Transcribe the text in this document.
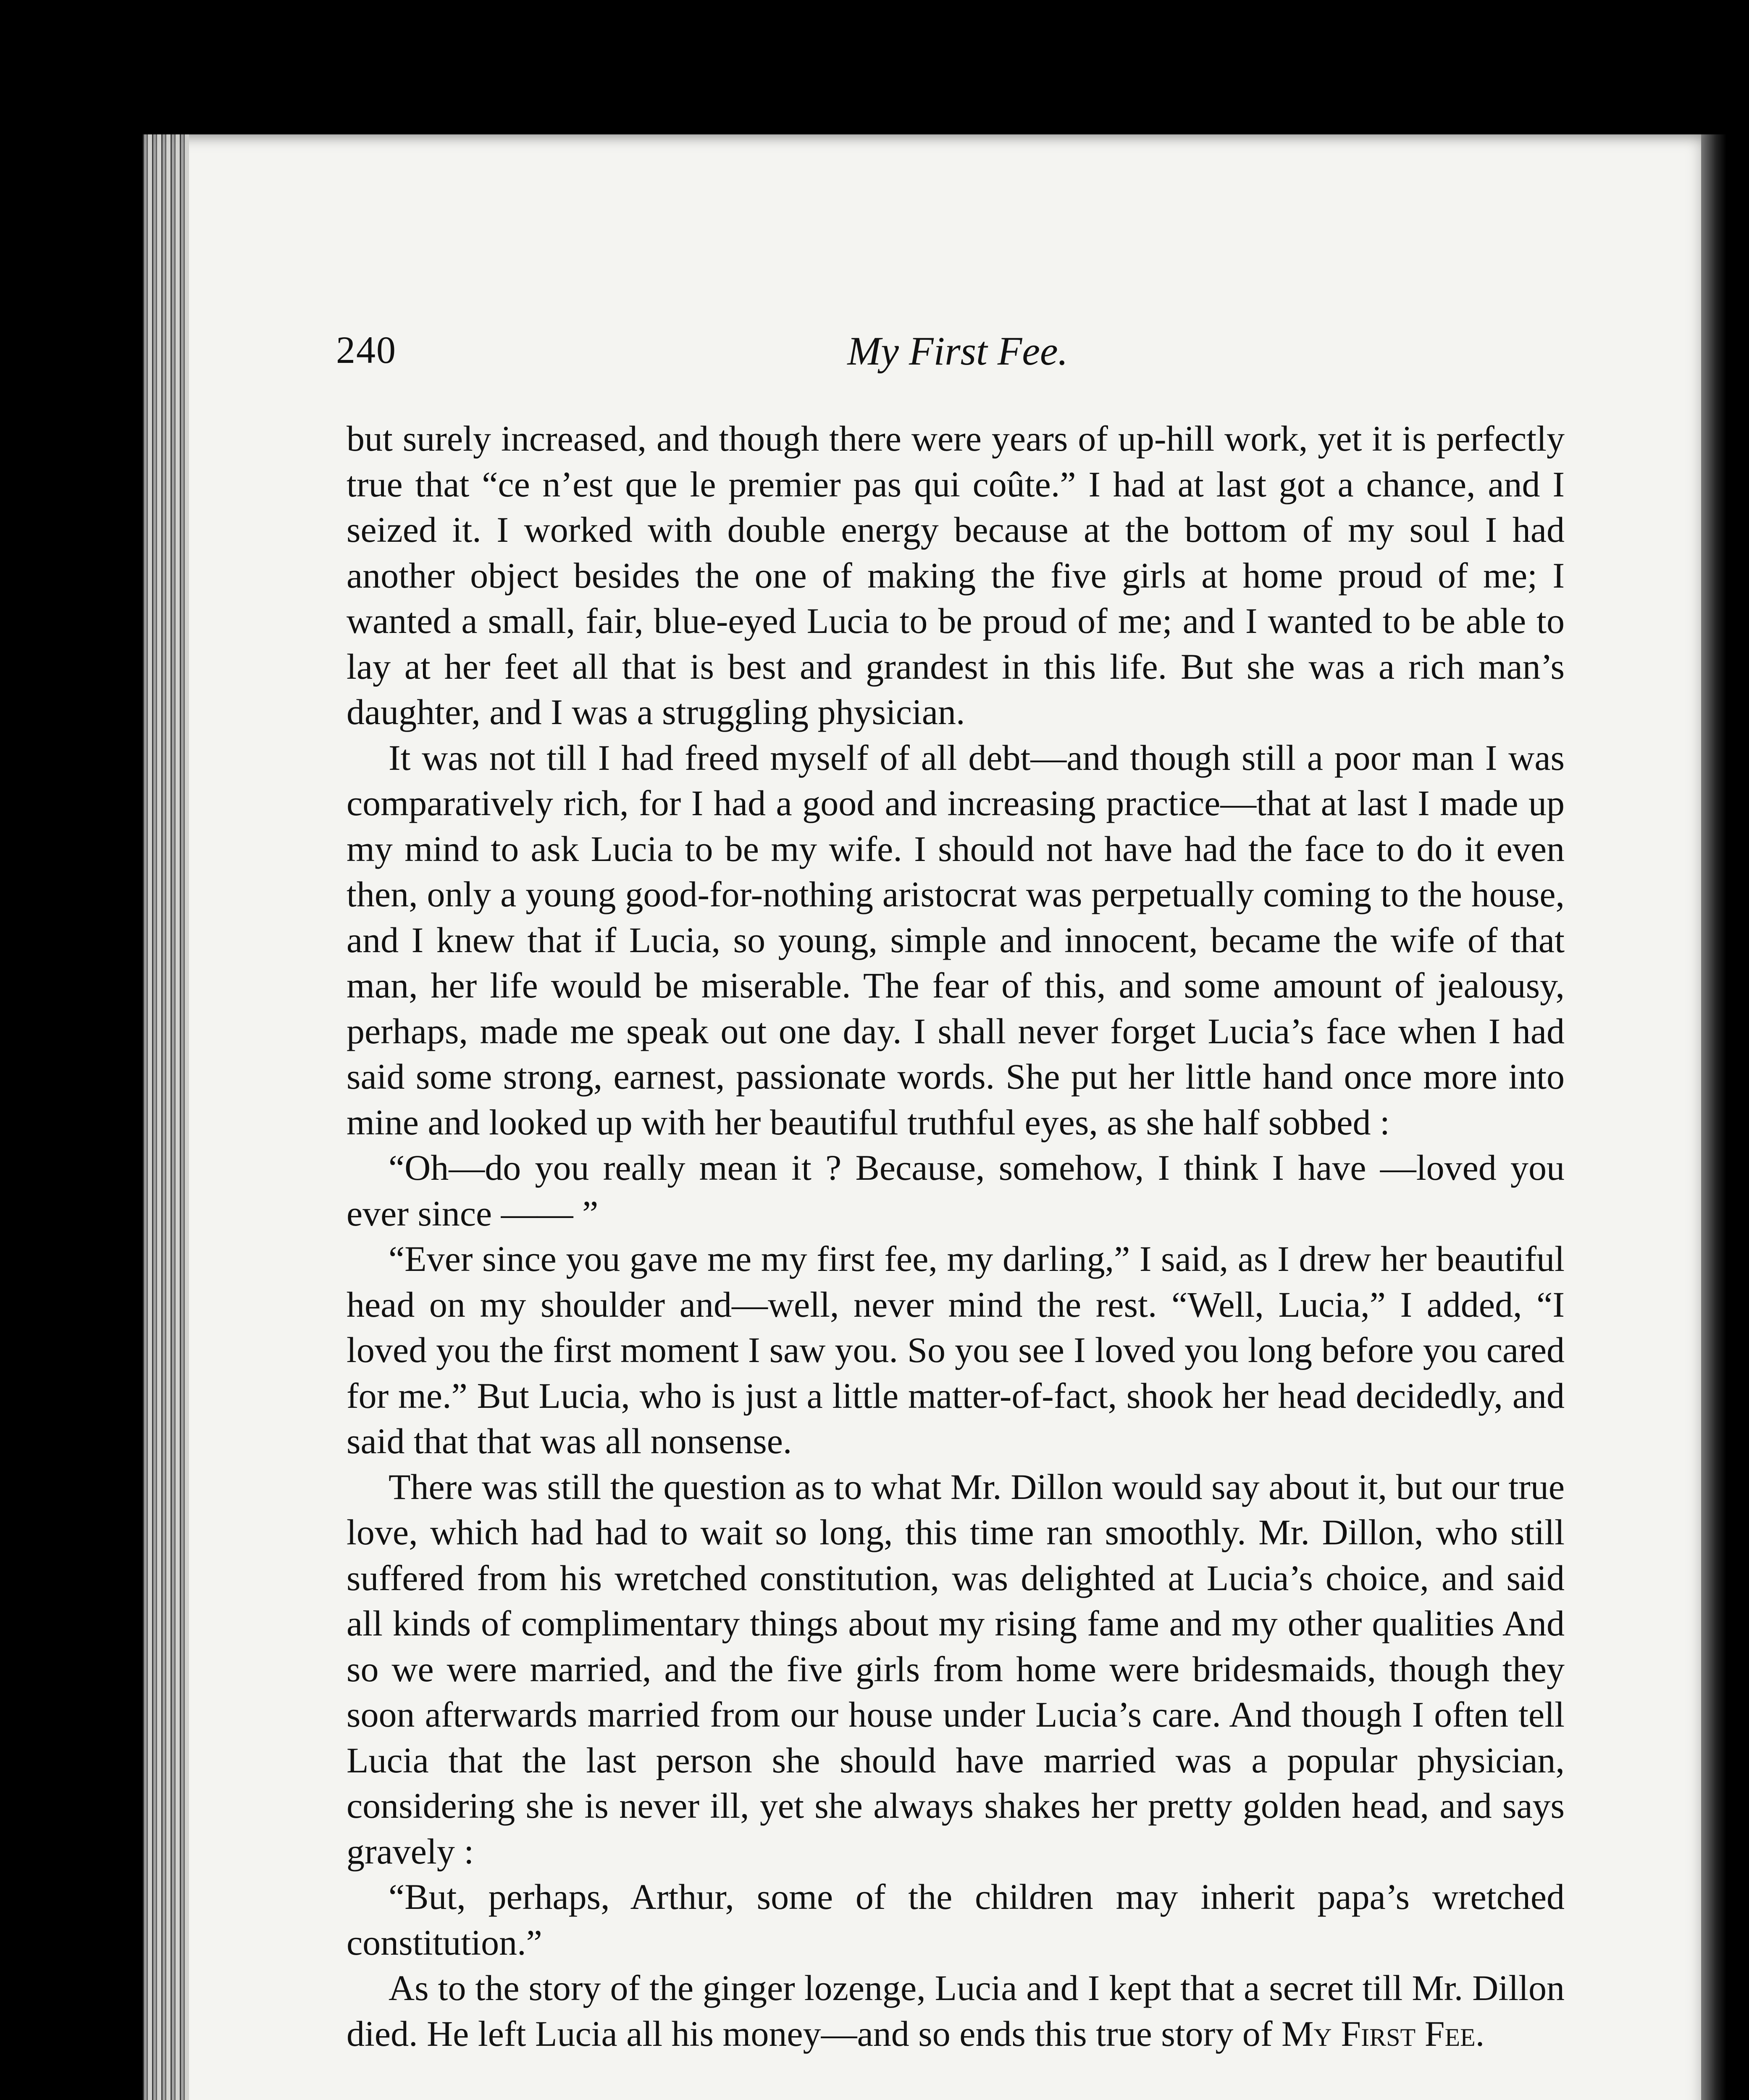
240	My First Fee.

but surely increased, and though there were years of up-hill work, yet it is perfectly true that “ce n’est que le premier pas qui coûte.” I had at last got a chance, and I seized it. I worked with double energy because at the bottom of my soul I had another object besides the one of making the five girls at home proud of me; I wanted a small, fair, blue-eyed Lucia to be proud of me; and I wanted to be able to lay at her feet all that is best and grandest in this life. But she was a rich man’s daughter, and I was a struggling physician.

It was not till I had freed myself of all debt—and though still a poor man I was comparatively rich, for I had a good and increasing practice—that at last I made up my mind to ask Lucia to be my wife. I should not have had the face to do it even then, only a young good-for-nothing aristocrat was perpetually coming to the house, and I knew that if Lucia, so young, simple and innocent, became the wife of that man, her life would be miserable. The fear of this, and some amount of jealousy, perhaps, made me speak out one day. I shall never forget Lucia’s face when I had said some strong, earnest, passionate words. She put her little hand once more into mine and looked up with her beautiful truthful eyes, as she half sobbed :

“Oh—do you really mean it ? Because, somehow, I think I have —loved you ever since —— ”

“Ever since you gave me my first fee, my darling,” I said, as I drew her beautiful head on my shoulder and—well, never mind the rest. “Well, Lucia,” I added, “I loved you the first moment I saw you. So you see I loved you long before you cared for me.” But Lucia, who is just a little matter-of-fact, shook her head decidedly, and said that that was all nonsense.

There was still the question as to what Mr. Dillon would say about it, but our true love, which had had to wait so long, this time ran smoothly. Mr. Dillon, who still suffered from his wretched constitution, was delighted at Lucia’s choice, and said all kinds of complimentary things about my rising fame and my other qualities And so we were married, and the five girls from home were bridesmaids, though they soon afterwards married from our house under Lucia’s care. And though I often tell Lucia that the last person she should have married was a popular physician, considering she is never ill, yet she always shakes her pretty golden head, and says gravely :

“But, perhaps, Arthur, some of the children may inherit papa’s wretched constitution.”

As to the story of the ginger lozenge, Lucia and I kept that a secret till Mr. Dillon died. He left Lucia all his money—and so ends this true story of My First Fee.
